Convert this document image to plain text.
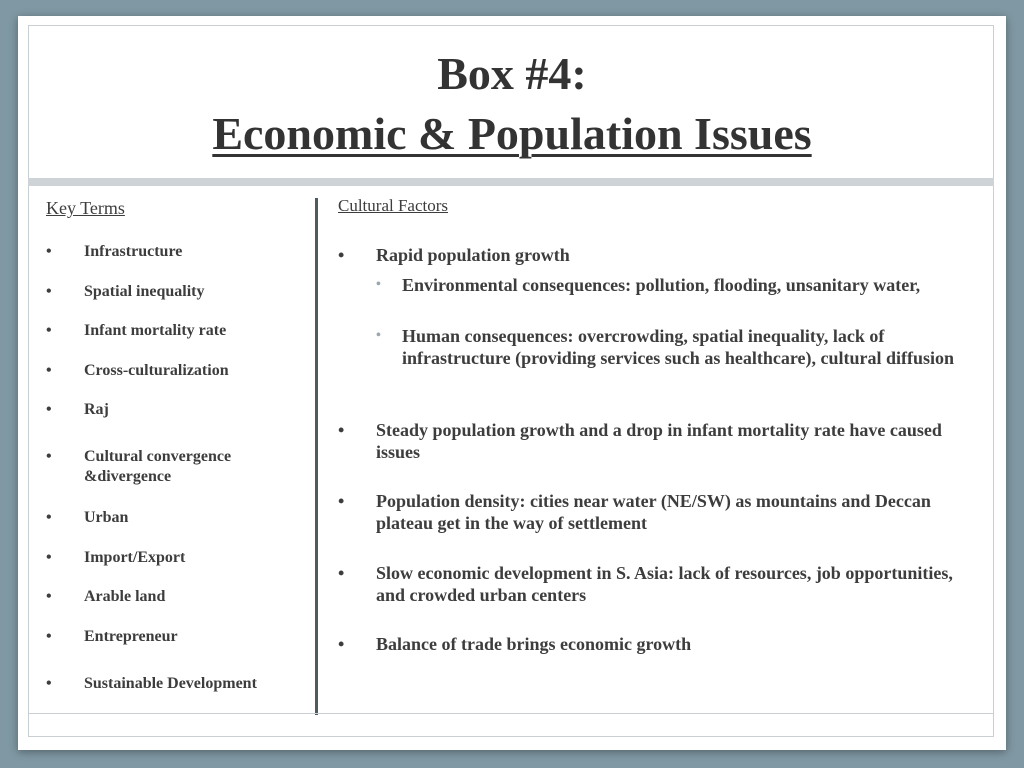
Box #4:
Economic & Population Issues
Key Terms
• Infrastructure
• Spatial inequality
• Infant mortality rate
• Cross-culturalization
• Raj
• Cultural convergence &divergence
• Urban
• Import/Export
• Arable land
• Entrepreneur
• Sustainable Development
Cultural Factors
• Rapid population growth
• Environmental consequences: pollution, flooding, unsanitary water,
• Human consequences: overcrowding, spatial inequality, lack of infrastructure (providing services such as healthcare), cultural diffusion
• Steady population growth and a drop in infant mortality rate have caused issues
• Population density: cities near water (NE/SW) as mountains and Deccan plateau get in the way of settlement
• Slow economic development in S. Asia: lack of resources, job opportunities, and crowded urban centers
• Balance of trade brings economic growth
